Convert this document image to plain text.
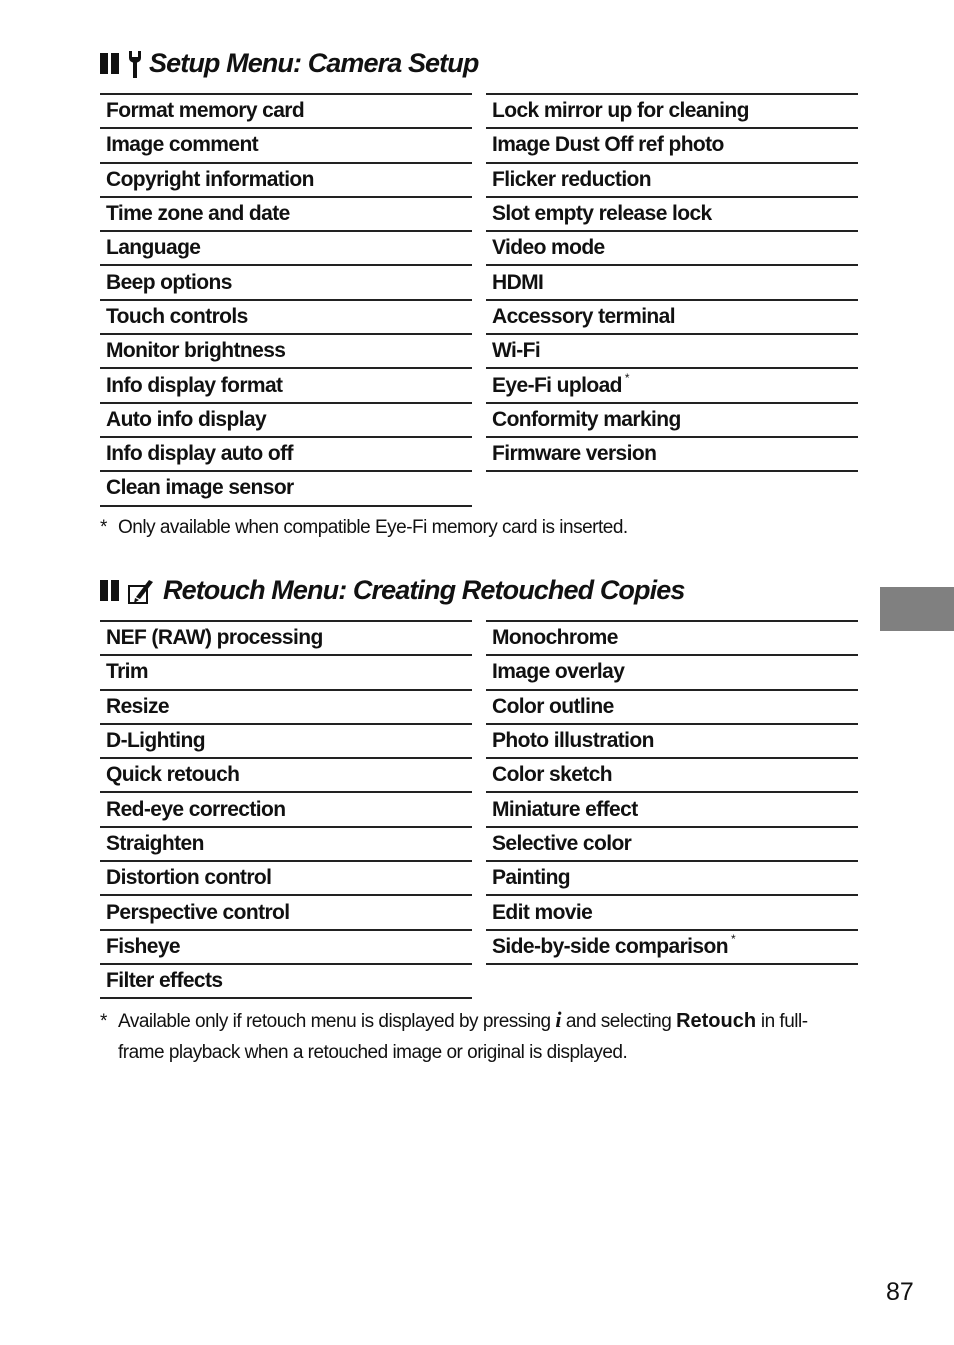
Setup Menu: Camera Setup
Format memory card
Image comment
Copyright information
Time zone and date
Language
Beep options
Touch controls
Monitor brightness
Info display format
Auto info display
Info display auto off
Clean image sensor
Lock mirror up for cleaning
Image Dust Off ref photo
Flicker reduction
Slot empty release lock
Video mode
HDMI
Accessory terminal
Wi-Fi
Eye-Fi upload *
Conformity marking
Firmware version
* Only available when compatible Eye-Fi memory card is inserted.
Retouch Menu: Creating Retouched Copies
NEF (RAW) processing
Trim
Resize
D-Lighting
Quick retouch
Red-eye correction
Straighten
Distortion control
Perspective control
Fisheye
Filter effects
Monochrome
Image overlay
Color outline
Photo illustration
Color sketch
Miniature effect
Selective color
Painting
Edit movie
Side-by-side comparison *
* Available only if retouch menu is displayed by pressing i and selecting Retouch in full-
frame playback when a retouched image or original is displayed.
87
